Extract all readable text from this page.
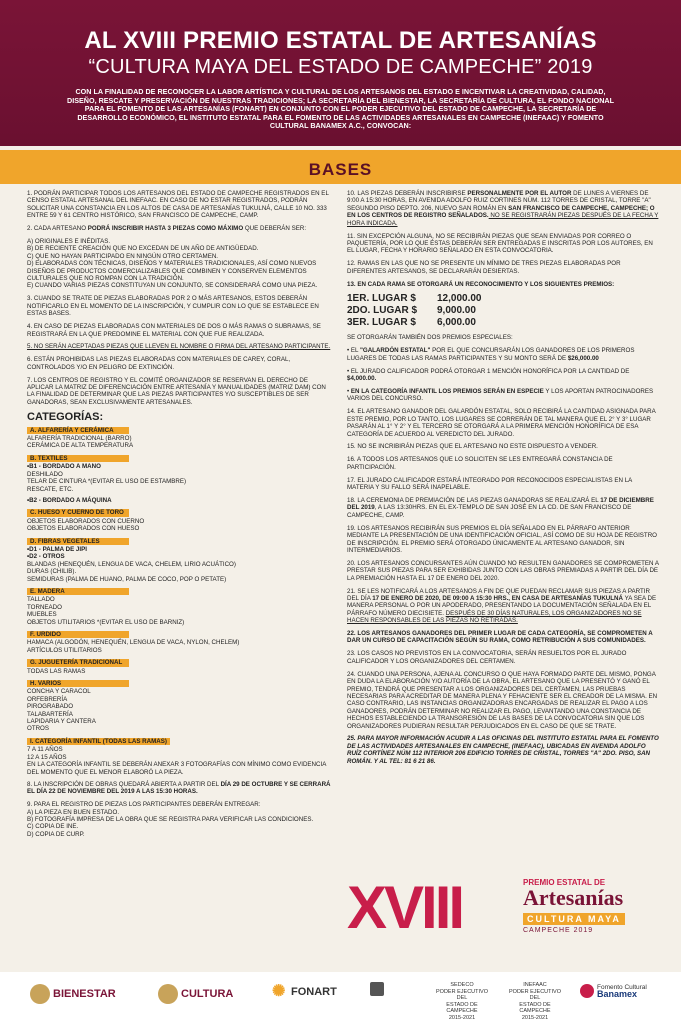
AL XVIII PREMIO ESTATAL DE ARTESANÍAS
“CULTURA MAYA DEL ESTADO DE CAMPECHE” 2019
CON LA FINALIDAD DE RECONOCER LA LABOR ARTÍSTICA Y CULTURAL DE LOS ARTESANOS DEL ESTADO E INCENTIVAR LA CREATIVIDAD, CALIDAD, DISEÑO, RESCATE Y PRESERVACIÓN DE NUESTRAS TRADICIONES; LA SECRETARÍA DEL BIENESTAR, LA SECRETARÍA DE CULTURA, EL FONDO NACIONAL PARA EL FOMENTO DE LAS ARTESANÍAS (FONART) EN CONJUNTO CON EL PODER EJECUTIVO DEL ESTADO DE CAMPECHE, LA SECRETARÍA DE DESARROLLO ECONÓMICO, EL INSTITUTO ESTATAL PARA EL FOMENTO DE LAS ACTIVIDADES ARTESANALES EN CAMPECHE (INEFAAC) Y FOMENTO CULTURAL BANAMEX A.C., CONVOCAN:
BASES

1. PODRÁN PARTICIPAR TODOS LOS ARTESANOS DEL ESTADO DE CAMPECHE REGISTRADOS EN EL CENSO ESTATAL ARTESANAL DEL INEFAAC. EN CASO DE NO ESTAR REGISTRADOS, PODRÁN SOLICITAR UNA CONSTANCIA EN LOS ALTOS DE CASA DE ARTESANÍAS TUKULNÁ, CALLE 10 NO. 333 ENTRE 59 Y 61 CENTRO HISTÓRICO, SAN FRANCISCO DE CAMPECHE, CAMP.

2. CADA ARTESANO PODRÁ INSCRIBIR HASTA 3 PIEZAS COMO MÁXIMO QUE DEBERÁN SER:

A) ORIGINALES E INÉDITAS.
B) DE RECIENTE CREACIÓN QUE NO EXCEDAN DE UN AÑO DE ANTIGÜEDAD.
C) QUE NO HAYAN PARTICIPADO EN NINGÚN OTRO CERTAMEN.
D) ELABORADAS CON TÉCNICAS, DISEÑOS Y MATERIALES TRADICIONALES, ASÍ COMO NUEVOS DISEÑOS DE PRODUCTOS COMERCIALIZABLES QUE COMBINEN Y CONSERVEN ELEMENTOS CULTURALES QUE NO ROMPAN CON LA TRADICIÓN.
E) CUANDO VARIAS PIEZAS CONSTITUYAN UN CONJUNTO, SE CONSIDERARÁ COMO UNA PIEZA.

3. CUANDO SE TRATE DE PIEZAS ELABORADAS POR 2 O MÁS ARTESANOS, ESTOS DEBERÁN NOTIFICARLO EN EL MOMENTO DE LA INSCRIPCIÓN, Y CUMPLIR CON LO QUE SE ESTABLECE EN ESTAS BASES.

4. EN CASO DE PIEZAS ELABORADAS CON MATERIALES DE DOS O MÁS RAMAS O SUBRAMAS, SE REGISTRARÁ EN LA QUE PREDOMINE EL MATERIAL CON QUE FUE REALIZADA.

5. NO SERÁN ACEPTADAS PIEZAS QUE LLEVEN EL NOMBRE O FIRMA DEL ARTESANO PARTICIPANTE.

6. ESTÁN PROHIBIDAS LAS PIEZAS ELABORADAS CON MATERIALES DE CAREY, CORAL, CONTROLADOS Y/O EN PELIGRO DE EXTINCIÓN.

7. LOS CENTROS DE REGISTRO Y EL COMITÉ ORGANIZADOR SE RESERVAN EL DERECHO DE APLICAR LA MATRIZ DE DIFERENCIACIÓN ENTRE ARTESANÍA Y MANUALIDADES (MATRIZ DAM) CON LA FINALIDAD DE DETERMINAR QUE LAS PIEZAS PARTICIPANTES Y/O SUSCEPTIBLES DE SER GANADORAS, SEAN EXCLUSIVAMENTE ARTESANALES.

CATEGORÍAS:
A. ALFARERÍA Y CERÁMICA
ALFARERÍA TRADICIONAL (BARRO)
CERÁMICA DE ALTA TEMPERATURA
B. TEXTILES
• B1 - BORDADO A MANO
DESHILADO
TELAR DE CINTURA *(EVITAR EL USO DE ESTAMBRE)
RESCATE, ETC.
• B2 - BORDADO A MÁQUINA
C. HUESO Y CUERNO DE TORO
OBJETOS ELABORADOS CON CUERNO
OBJETOS ELABORADOS CON HUESO
D. FIBRAS VEGETALES
• D1 - PALMA DE JIPI
• D2 - OTROS
BLANDAS (HENEQUÉN, LENGUA DE VACA, CHELEM, LIRIO ACUÁTICO)
DURAS (CHILIB).
SEMIDURAS (PALMA DE HUANO, PALMA DE COCO, POP O PETATE)
E. MADERA
TALLADO
TORNEADO
MUEBLES
OBJETOS UTILITARIOS *(EVITAR EL USO DE BARNIZ)
F. URDIDO
HAMACA (ALGODÓN, HENEQUÉN, LENGUA DE VACA, NYLON, CHELEM)
ARTÍCULOS UTILITARIOS
G. JUGUETERÍA TRADICIONAL
TODAS LAS RAMAS
H. VARIOS
CONCHA Y CARACOL
ORFEBRERÍA
PIROGRABADO
TALABARTERÍA
LAPIDARIA Y CANTERA
OTROS
I. CATEGORÍA INFANTIL (TODAS LAS RAMAS)
7 A 11 AÑOS
12 A 15 AÑOS
EN LA CATEGORÍA INFANTIL SE DEBERÁN ANEXAR 3 FOTOGRAFÍAS CON MÍNIMO COMO EVIDENCIA DEL MOMENTO QUE EL MENOR ELABORÓ LA PIEZA.

8. LA INSCRIPCIÓN DE OBRAS QUEDARÁ ABIERTA A PARTIR DEL DÍA 29 DE OCTUBRE Y SE CERRARÁ EL DÍA 22 DE NOVIEMBRE DEL 2019 A LAS 15:30 HORAS.

9. PARA EL REGISTRO DE PIEZAS LOS PARTICIPANTES DEBERÁN ENTREGAR:
A) LA PIEZA EN BUEN ESTADO.
B) FOTOGRAFÍA IMPRESA DE LA OBRA QUE SE REGISTRA PARA VERIFICAR LAS CONDICIONES.
C) COPIA DE INE.
D) COPIA DE CURP.

10. LAS PIEZAS DEBERÁN INSCRIBIRSE PERSONALMENTE POR EL AUTOR DE LUNES A VIERNES DE 9:00 A 15:30 HORAS, EN AVENIDA ADOLFO RUIZ CORTINES NÚM. 112 TORRES DE CRISTAL, TORRE "A" SEGUNDO PISO DEPTO. 206, NUEVO SAN ROMÁN EN SAN FRANCISCO DE CAMPECHE, CAMPECHE; O EN LOS CENTROS DE REGISTRO SEÑALADOS. NO SE REGISTRARÁN PIEZAS DESPUÉS DE LA FECHA Y HORA INDICADA.

11. SIN EXCEPCIÓN ALGUNA, NO SE RECIBIRÁN PIEZAS QUE SEAN ENVIADAS POR CORREO O PAQUETERÍA, POR LO QUE ÉSTAS DEBERÁN SER ENTREGADAS E INSCRITAS POR LOS AUTORES, EN EL LUGAR, FECHA Y HORARIO SEÑALADO EN ESTA CONVOCATORIA.

12. RAMAS EN LAS QUE NO SE PRESENTE UN MÍNIMO DE TRES PIEZAS ELABORADAS POR DIFERENTES ARTESANOS, SE DECLARARÁN DESIERTAS.

13. EN CADA RAMA SE OTORGARÁ UN RECONOCIMIENTO Y LOS SIGUIENTES PREMIOS:

1ER. LUGAR $	12,000.00
2DO. LUGAR $	9,000.00
3ER. LUGAR $	6,000.00

SE OTORGARÁN TAMBIÉN DOS PREMIOS ESPECIALES:

• EL "GALARDÓN ESTATAL" POR EL QUE CONCURSARÁN LOS GANADORES DE LOS PRIMEROS LUGARES DE TODAS LAS RAMAS PARTICIPANTES Y SU MONTO SERÁ DE $26,000.00

• EL JURADO CALIFICADOR PODRÁ OTORGAR 1 MENCIÓN HONORÍFICA POR LA CANTIDAD DE $4,000.00.

• EN LA CATEGORÍA INFANTIL LOS PREMIOS SERÁN EN ESPECIE Y LOS APORTAN PATROCINADORES VARIOS DEL CONCURSO.

14. EL ARTESANO GANADOR DEL GALARDÓN ESTATAL, SOLO RECIBIRÁ LA CANTIDAD ASIGNADA PARA ESTE PREMIO, POR LO TANTO, LOS LUGARES SE CORRERÁN DE TAL MANERA QUE EL 2° Y 3° LUGAR PASARÁN AL 1° Y 2° Y EL TERCERO SE OTORGARÁ A LA PRIMERA MENCIÓN HONORÍFICA DE ESA CATEGORÍA DE ACUERDO AL VEREDICTO DEL JURADO.

15. NO SE INCRIBIRÁN PIEZAS QUE EL ARTESANO NO ESTE DISPUESTO A VENDER.

16. A TODOS LOS ARTESANOS QUE LO SOLICITEN SE LES ENTREGARÁ CONSTANCIA DE PARTICIPACIÓN.

17. EL JURADO CALIFICADOR ESTARÁ INTEGRADO POR RECONOCIDOS ESPECIALISTAS EN LA MATERIA Y SU FALLO SERÁ INAPELABLE.

18. LA CEREMONIA DE PREMIACIÓN DE LAS PIEZAS GANADORAS SE REALIZARÁ EL 17 DE DICIEMBRE DEL 2019, A LAS 13:30HRS. EN EL EX-TEMPLO DE SAN JOSÉ EN LA CD. DE SAN FRANCISCO DE CAMPECHE, CAMP.

19. LOS ARTESANOS RECIBIRÁN SUS PREMIOS EL DÍA SEÑALADO EN EL PÁRRAFO ANTERIOR MEDIANTE LA PRESENTACIÓN DE UNA IDENTIFICACIÓN OFICIAL, ASÍ COMO DE SU HOJA DE REGISTRO DE INSCRIPCIÓN. EL PREMIO SERÁ OTORGADO ÚNICAMENTE AL ARTESANO GANADOR, SIN INTERMEDIARIOS.

20. LOS ARTESANOS CONCURSANTES AÚN CUANDO NO RESULTEN GANADORES SE COMPROMETEN A PRESTAR SUS PIEZAS PARA SER EXHIBIDAS JUNTO CON LAS OBRAS PREMIADAS A PARTIR DEL DÍA DE LA PREMIACIÓN HASTA EL 17 DE ENERO DEL 2020.

21. SE LES NOTIFICARÁ A LOS ARTESANOS A FIN DE QUE PUEDAN RECLAMAR SUS PIEZAS A PARTIR DEL DÍA 17 DE ENERO DE 2020, DE 09:00 A 15:30 HRS., EN CASA DE ARTESANÍAS TUKULNÁ YA SEA DE MANERA PERSONAL O POR UN APODERADO, PRESENTANDO LA DOCUMENTACIÓN SEÑALADA EN EL PÁRRAFO NÚMERO DIECISIETE. DESPUÉS DE 30 DÍAS NATURALES, LOS ORGANIZADORES NO SE HACEN RESPONSABLES DE LAS PIEZAS NO RETIRADAS.

22. LOS ARTESANOS GANADORES DEL PRIMER LUGAR DE CADA CATEGORÍA, SE COMPROMETEN A DAR UN CURSO DE CAPACITACIÓN SEGÚN SU RAMA, COMO RETRIBUCIÓN A SUS COMUNIDADES.

23. LOS CASOS NO PREVISTOS EN LA CONVOCATORIA, SERÁN RESUELTOS POR EL JURADO CALIFICADOR Y LOS ORGANIZADORES DEL CERTAMEN.

24. CUANDO UNA PERSONA, AJENA AL CONCURSO O QUE HAYA FORMADO PARTE DEL MISMO, PONGA EN DUDA LA ELABORACIÓN Y/O AUTORÍA DE LA OBRA, EL ARTESANO QUE LA PRESENTÓ Y GANÓ EL PREMIO, TENDRÁ QUE PRESENTAR A LOS ORGANIZADORES DEL CERTAMEN, LAS PRUEBAS NECESARIAS PARA ACREDITAR DE MANERA PLENA Y FEHACIENTE SER EL CREADOR DE LA MISMA. EN CASO CONTRARIO, LAS INSTANCIAS ORGANIZADORAS ENCARGADAS DE REALIZAR EL PAGO A LOS GANADORES, PODRÁN DETERMINAR NO REALIZAR EL PAGO, LEVANTANDO UNA CONSTANCIA DE HECHOS ESTABLECIENDO LA TRANSGRESIÓN DE LAS BASES DE LA CONVOCATORIA SIN QUE LOS ORGANIZADORES PUDIERAN RESULTAR PERJUDICADOS EN EL CASO DE QUE SE TRATE.

25. PARA MAYOR INFORMACIÓN ACUDIR A LAS OFICINAS DEL INSTITUTO ESTATAL PARA EL FOMENTO DE LAS ACTIVIDADES ARTESANALES EN CAMPECHE, (INEFAAC), UBICADAS EN AVENIDA ADOLFO RUÍZ CORTÍNEZ NÚM 112 INTERIOR 206 EDIFICIO TORRES DE CRISTAL, TORRES "A" 2DO. PISO, SAN ROMÁN. Y AL TEL: 81 6 21 86.

XVIII	PREMIO ESTATAL DE
Artesanías
CULTURA MAYA
CAMPECHE 2019
BIENESTAR	CULTURA ✺ FONART
SEDECO
PODER EJECUTIVO DEL
ESTADO DE CAMPECHE
2015-2021
INEFAAC
PODER EJECUTIVO DEL
ESTADO DE CAMPECHE
2015-2021
Fomento Cultural
Banamex
